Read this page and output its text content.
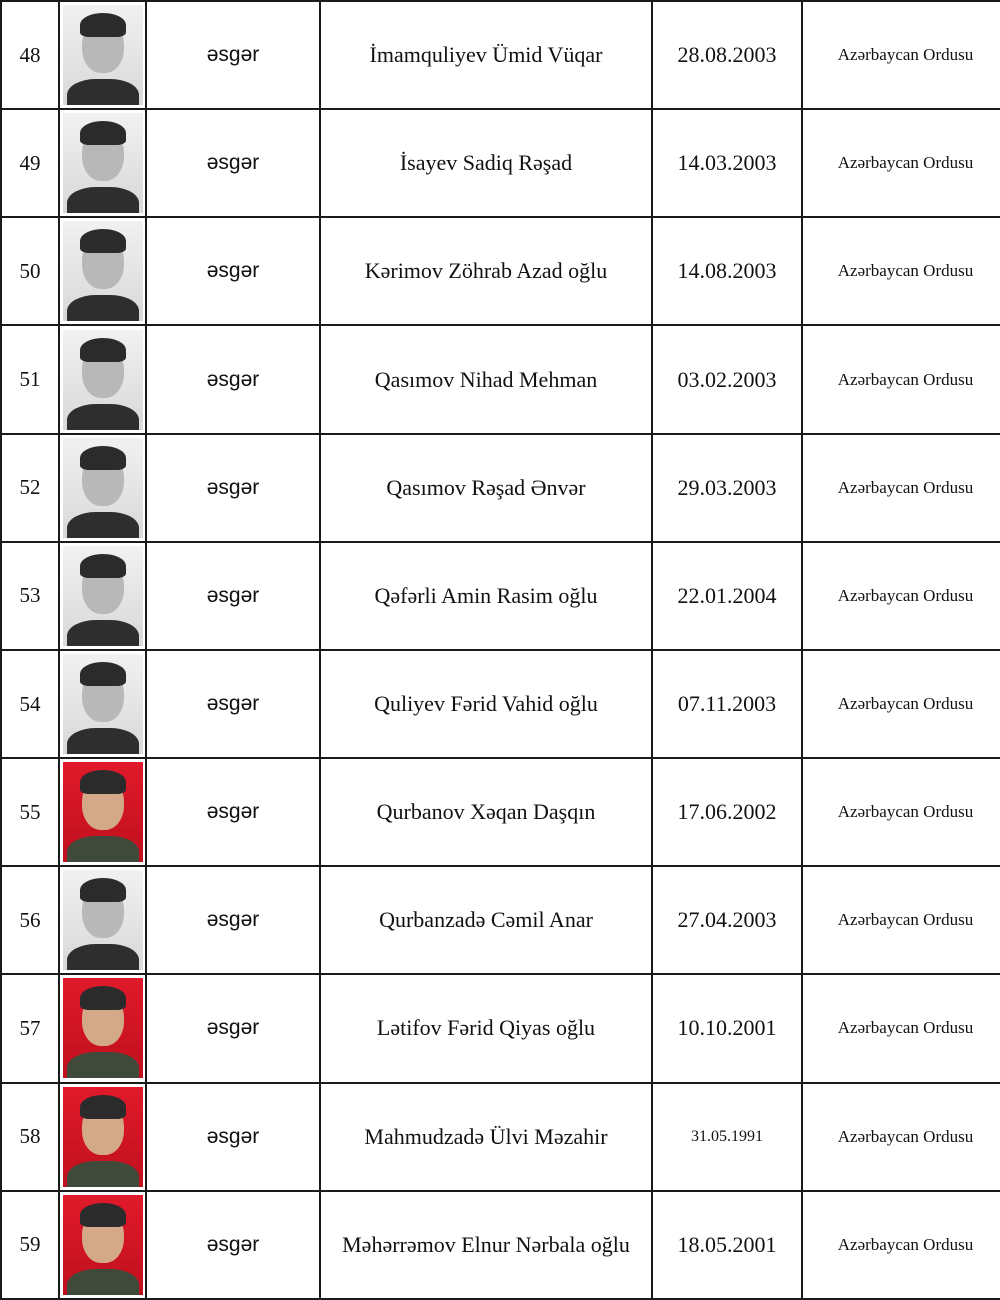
48		əsgər	İmamquliyev Ümid Vüqar	28.08.2003	Azərbaycan Ordusu
49		əsgər	İsayev Sadiq Rəşad	14.03.2003	Azərbaycan Ordusu
50		əsgər	Kərimov Zöhrab Azad oğlu	14.08.2003	Azərbaycan Ordusu
51		əsgər	Qasımov Nihad Mehman	03.02.2003	Azərbaycan Ordusu
52		əsgər	Qasımov Rəşad Ənvər	29.03.2003	Azərbaycan Ordusu
53		əsgər	Qəfərli Amin Rasim oğlu	22.01.2004	Azərbaycan Ordusu
54		əsgər	Quliyev Fərid Vahid oğlu	07.11.2003	Azərbaycan Ordusu
55		əsgər	Qurbanov Xəqan Daşqın	17.06.2002	Azərbaycan Ordusu
56		əsgər	Qurbanzadə Cəmil Anar	27.04.2003	Azərbaycan Ordusu
57		əsgər	Lətifov Fərid Qiyas oğlu	10.10.2001	Azərbaycan Ordusu
58		əsgər	Mahmudzadə Ülvi Məzahir	31.05.1991	Azərbaycan Ordusu
59		əsgər	Məhərrəmov Elnur Nərbala oğlu	18.05.2001	Azərbaycan Ordusu
